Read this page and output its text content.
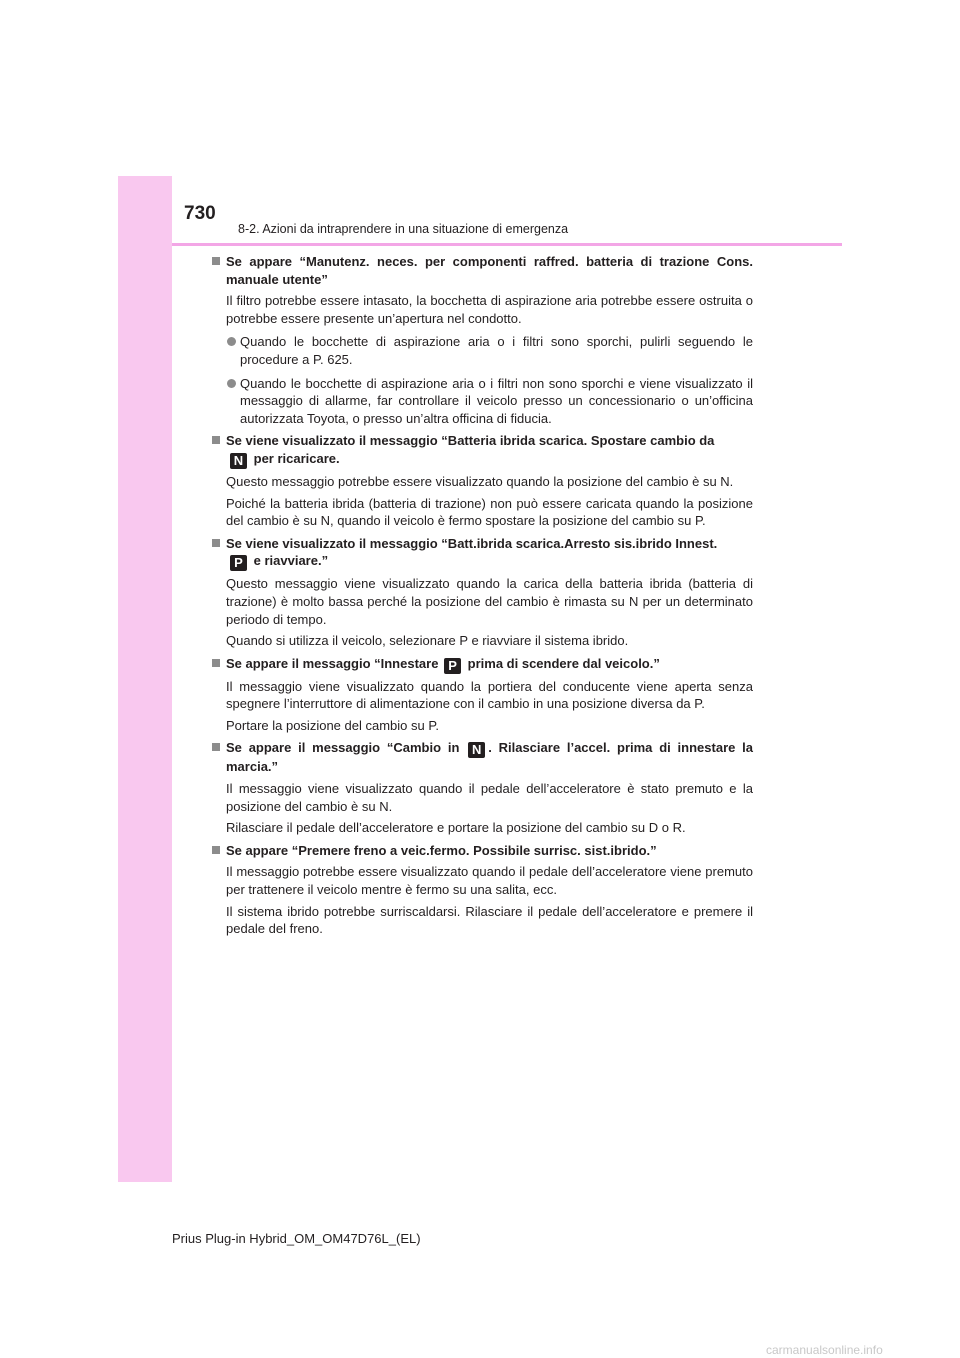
730
8-2. Azioni da intraprendere in una situazione di emergenza
Se appare “Manutenz. neces. per componenti raffred. batteria di trazione Cons. manuale utente”

Il filtro potrebbe essere intasato, la bocchetta di aspirazione aria potrebbe essere ostruita o potrebbe essere presente un’apertura nel condotto.

Quando le bocchette di aspirazione aria o i filtri sono sporchi, pulirli seguendo le procedure a P. 625.
Quando le bocchette di aspirazione aria o i filtri non sono sporchi e viene visualizzato il messaggio di allarme, far controllare il veicolo presso un concessionario o un’officina autorizzata Toyota, o presso un’altra officina di fiducia.
Se viene visualizzato il messaggio “Batteria ibrida scarica. Spostare cambio da
N per ricaricare.

Questo messaggio potrebbe essere visualizzato quando la posizione del cambio è su N.

Poiché la batteria ibrida (batteria di trazione) non può essere caricata quando la posizione del cambio è su N, quando il veicolo è fermo spostare la posizione del cambio su P.

Se viene visualizzato il messaggio “Batt.ibrida scarica.Arresto sis.ibrido Innest.
P e riavviare.”

Questo messaggio viene visualizzato quando la carica della batteria ibrida (batteria di trazione) è molto bassa perché la posizione del cambio è rimasta su N per un determinato periodo di tempo.

Quando si utilizza il veicolo, selezionare P e riavviare il sistema ibrido.

Se appare il messaggio “Innestare P prima di scendere dal veicolo.”

Il messaggio viene visualizzato quando la portiera del conducente viene aperta senza spegnere l’interruttore di alimentazione con il cambio in una posizione diversa da P.

Portare la posizione del cambio su P.

Se appare il messaggio “Cambio in N . Rilasciare l’accel. prima di innestare la marcia.”

Il messaggio viene visualizzato quando il pedale dell’acceleratore è stato premuto e la posizione del cambio è su N.

Rilasciare il pedale dell’acceleratore e portare la posizione del cambio su D o R.

Se appare “Premere freno a veic.fermo. Possibile surrisc. sist.ibrido.”

Il messaggio potrebbe essere visualizzato quando il pedale dell’acceleratore viene premuto per trattenere il veicolo mentre è fermo su una salita, ecc.

Il sistema ibrido potrebbe surriscaldarsi. Rilasciare il pedale dell’acceleratore e premere il pedale del freno.

Prius Plug-in Hybrid_OM_OM47D76L_(EL)
carmanualsonline.info
